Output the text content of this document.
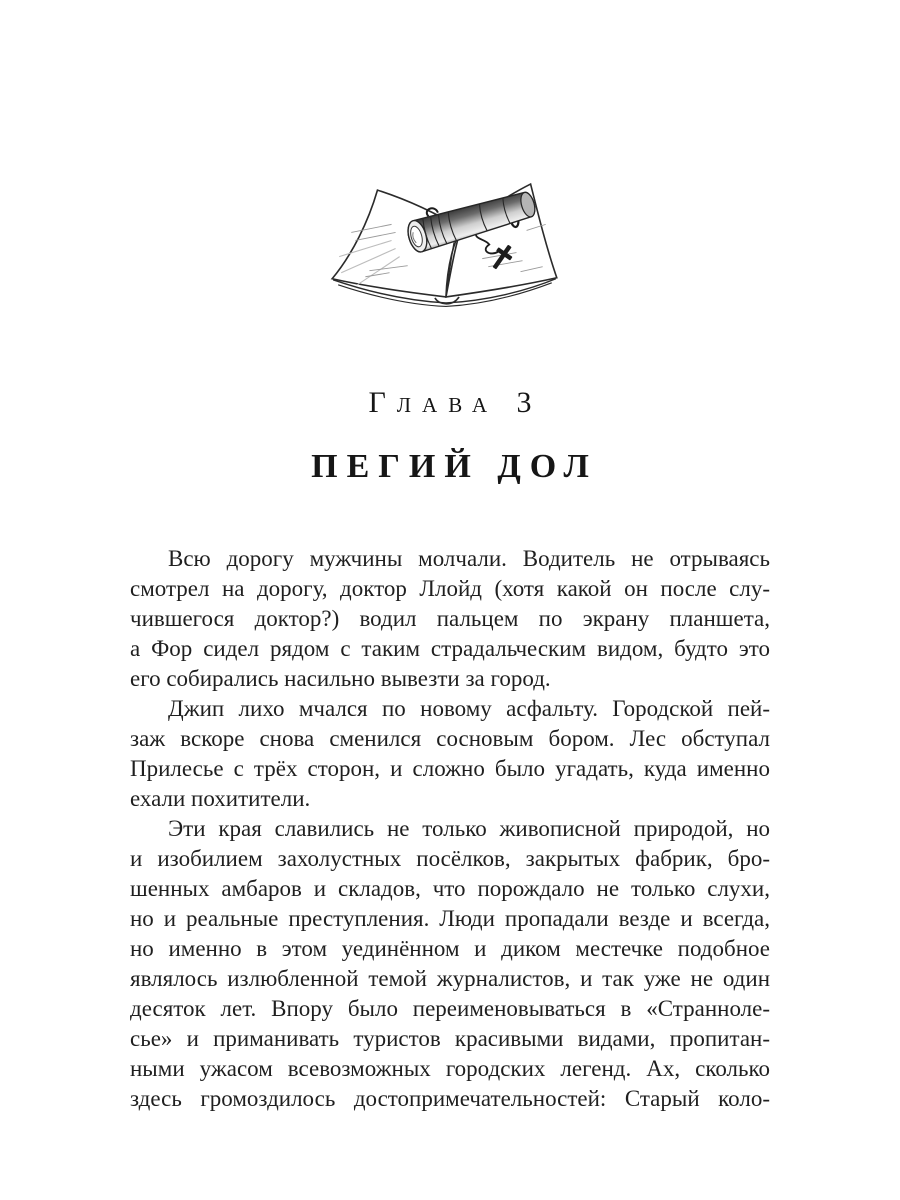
Глава 3
ПЕГИЙ ДОЛ
Всю дорогу мужчины молчали. Водитель не отрываясь
смотрел на дорогу, доктор Ллойд (хотя какой он после слу-
чившегося доктор?) водил пальцем по экрану планшета,
а Фор сидел рядом с таким страдальческим видом, будто это
его собирались насильно вывезти за город.
Джип лихо мчался по новому асфальту. Городской пей-
заж вскоре снова сменился сосновым бором. Лес обступал
Прилесье с трёх сторон, и сложно было угадать, куда именно
ехали похитители.
Эти края славились не только живописной природой, но
и изобилием захолустных посёлков, закрытых фабрик, бро-
шенных амбаров и складов, что порождало не только слухи,
но и реальные преступления. Люди пропадали везде и всегда,
но именно в этом уединённом и диком местечке подобное
являлось излюбленной темой журналистов, и так уже не один
десяток лет. Впору было переименовываться в «Странноле-
сье» и приманивать туристов красивыми видами, пропитан-
ными ужасом всевозможных городских легенд. Ах, сколько
здесь громоздилось достопримечательностей: Старый коло-
